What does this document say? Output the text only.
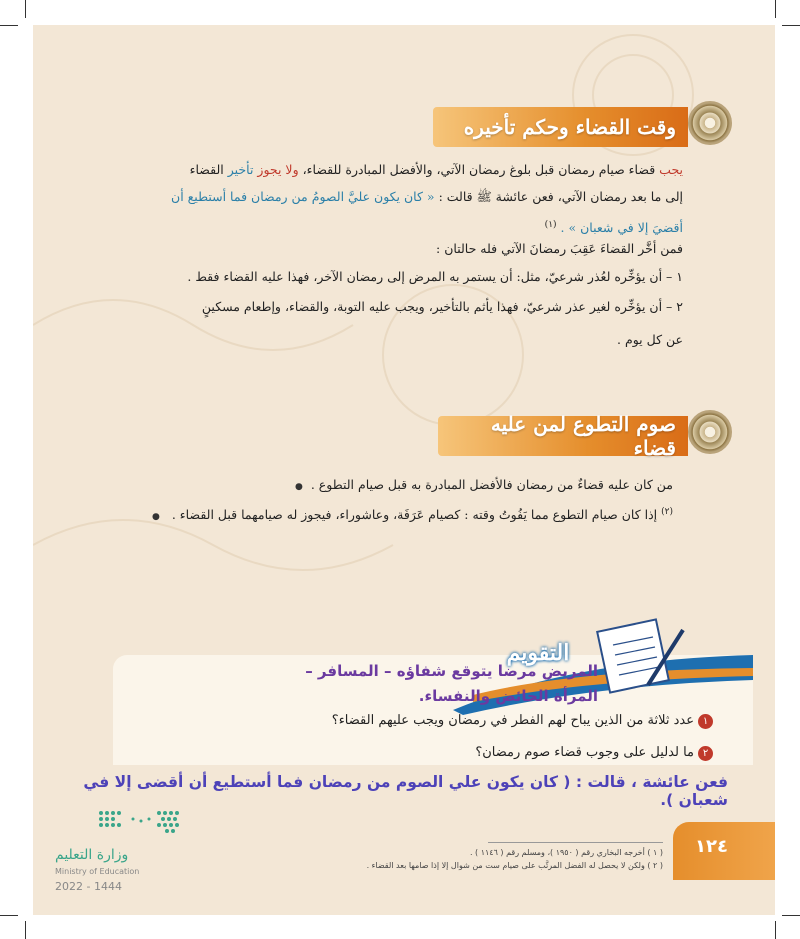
وقت القضاء وحكم تأخيره
يجب قضاء صيام رمضان قبل بلوغ رمضان الآتي، والأفضل المبادرة للقضاء، ولا يجوز تأخير القضاء
إلى ما بعد رمضان الآتي، فعن عائشة ﷺ قالت : « كان يكون عليَّ الصومُ من رمضان فما أستطيع أن
أقضيَ إلا في شعبان » . $^{(١)}$
فمن أخَّر القضاءَ عَقِبَ رمضانَ الآتي فله حالتان :
١ – أن يؤخِّره لعُذر شرعيّ، مثل: أن يستمر به المرض إلى رمضان الآخر، فهذا عليه القضاء فقط .
٢ – أن يؤخِّره لغير عذر شرعيّ، فهذا يأثم بالتأخير، ويجب عليه التوبة، والقضاء، وإطعام مسكينٍ
عن كل يوم .
صوم التطوع لمن عليه قضاء
من كان عليه قضاءٌ من رمضان فالأفضل المبادرة به قبل صيام التطوع . ●
$^{(٢)}$ إذا كان صيام التطوع مما يَفُوتُ وقته : كصيام عَرَفَة، وعاشوراء، فيجوز له صيامهما قبل القضاء . ●
التقويم
المريض مرضا يتوقع شفاؤه – المسافر –
المرأة الحائض والنفساء.
١عدد ثلاثة من الذين يباح لهم الفطر في رمضان ويجب عليهم القضاء؟
٢ما لدليل على وجوب قضاء صوم رمضان؟
فعن عائشة ، قالت : ( كان يكون علي الصوم من رمضان فما أستطيع أن أقضى إلا في شعبان ).
وزارة التعليم
Ministry of Education
2022 - 1444
( ١ ) أخرجه البخاري رقم ( ١٩٥٠ )، ومسلم رقم ( ١١٤٦ ) .
( ٢ ) ولكن لا يحصل له الفضل المرتَّب على صيام ست من شوال إلا إذا صامها بعد القضاء .
١٢٤
